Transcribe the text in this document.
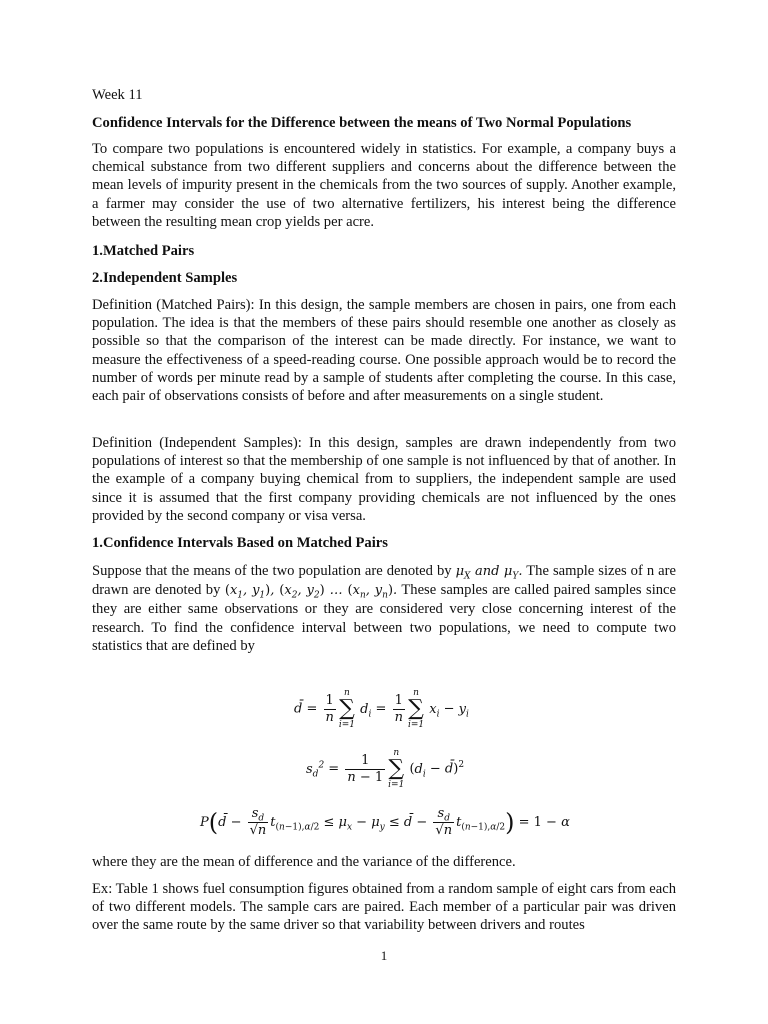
Week 11
Confidence Intervals for the Difference between the means of Two Normal Populations
To compare two populations is encountered widely in statistics. For example, a company buys a chemical substance from two different suppliers and concerns about the difference between the mean levels of impurity present in the chemicals from the two sources of supply. Another example, a farmer may consider the use of two alternative fertilizers, his interest being the difference between the resulting mean crop yields per acre.
1.Matched Pairs
2.Independent Samples
Definition (Matched Pairs): In this design, the sample members are chosen in pairs, one from each population. The idea is that the members of these pairs should resemble one another as closely as possible so that the comparison of the interest can be made directly. For instance, we want to measure the effectiveness of a speed-reading course. One possible approach would be to record the number of words per minute read by a sample of students after completing the course. In this case, each pair of observations consists of before and after measurements on a single student.
Definition (Independent Samples): In this design, samples are drawn independently from two populations of interest so that the membership of one sample is not influenced by that of another. In the example of a company buying chemical from to suppliers, the independent sample are used since it is assumed that the first company providing chemicals are not influenced by the ones provided by the second company or visa versa.
1.Confidence Intervals Based on Matched Pairs
Suppose that the means of the two population are denoted by $\mu_X$ and $\mu_Y$. The sample sizes of n are drawn are denoted by ($x_1$, $y_1$), ($x_2$, $y_2$) … ($x_n$, $y_n$). These samples are called paired samples since they are either same observations or they are considered very close concerning interest of the research. To find the confidence interval between two populations, we need to compute two statistics that are defined by
d̄ = $\frac{1}{n}$ n
∑
i=1
$d_i = \frac{1}{n}$ n
∑
i=1
$x_i - y_i$
$s_d^2 = \frac{1}{n - 1}$ n
∑
i=1
($d_i$ − d̄)$^2$
P(d̄ − $\frac{s_d}{√n} t_{(n-1),\alpha/2} \le \mu_x - \mu_y$ ≤ d̄ − $\frac{s_d}{√n} t_{(n-1),\alpha/2}) = 1 - \alpha$
where they are the mean of difference and the variance of the difference.
Ex: Table 1 shows fuel consumption figures obtained from a random sample of eight cars from each of two different models. The sample cars are paired. Each member of a particular pair was driven over the same route by the same driver so that variability between drivers and routes
1
